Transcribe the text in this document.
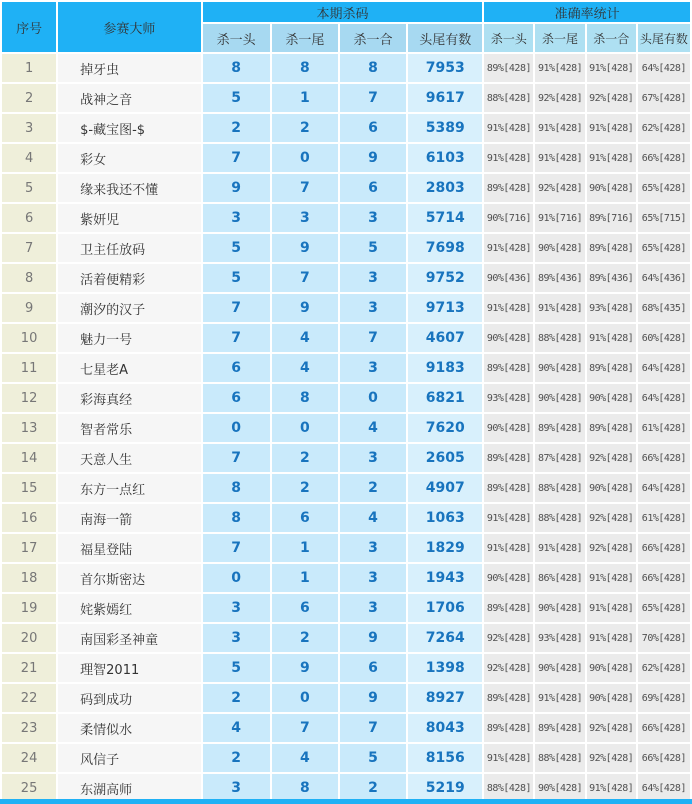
序号	参赛大师	本期杀码				准确率统计			
		杀一头	杀一尾	杀一合	头尾有数	杀一头	杀一尾	杀一合	头尾有数
1	掉牙虫	8	8	8	7953	89%[428]	91%[428]	91%[428]	64%[428]
2	战神之音	5	1	7	9617	88%[428]	92%[428]	92%[428]	67%[428]
3	$-藏宝图-$	2	2	6	5389	91%[428]	91%[428]	91%[428]	62%[428]
4	彩女	7	0	9	6103	91%[428]	91%[428]	91%[428]	66%[428]
5	缘来我还不懂	9	7	6	2803	89%[428]	92%[428]	90%[428]	65%[428]
6	紫妍児	3	3	3	5714	90%[716]	91%[716]	89%[716]	65%[715]
7	卫主任放码	5	9	5	7698	91%[428]	90%[428]	89%[428]	65%[428]
8	活着便精彩	5	7	3	9752	90%[436]	89%[436]	89%[436]	64%[436]
9	潮汐的汉子	7	9	3	9713	91%[428]	91%[428]	93%[428]	68%[435]
10	魅力一号	7	4	7	4607	90%[428]	88%[428]	91%[428]	60%[428]
11	七星老A	6	4	3	9183	89%[428]	90%[428]	89%[428]	64%[428]
12	彩海真经	6	8	0	6821	93%[428]	90%[428]	90%[428]	64%[428]
13	智者常乐	0	0	4	7620	90%[428]	89%[428]	89%[428]	61%[428]
14	天意人生	7	2	3	2605	89%[428]	87%[428]	92%[428]	66%[428]
15	东方一点红	8	2	2	4907	89%[428]	88%[428]	90%[428]	64%[428]
16	南海一箭	8	6	4	1063	91%[428]	88%[428]	92%[428]	61%[428]
17	福星登陆	7	1	3	1829	91%[428]	91%[428]	92%[428]	66%[428]
18	首尔斯密达	0	1	3	1943	90%[428]	86%[428]	91%[428]	66%[428]
19	姹紫嫣红	3	6	3	1706	89%[428]	90%[428]	91%[428]	65%[428]
20	南国彩圣神童	3	2	9	7264	92%[428]	93%[428]	91%[428]	70%[428]
21	理智2011	5	9	6	1398	92%[428]	90%[428]	90%[428]	62%[428]
22	码到成功	2	0	9	8927	89%[428]	91%[428]	90%[428]	69%[428]
23	柔情似水	4	7	7	8043	89%[428]	89%[428]	92%[428]	66%[428]
24	风信子	2	4	5	8156	91%[428]	88%[428]	92%[428]	66%[428]
25	东湖高师	3	8	2	5219	88%[428]	90%[428]	91%[428]	64%[428]
